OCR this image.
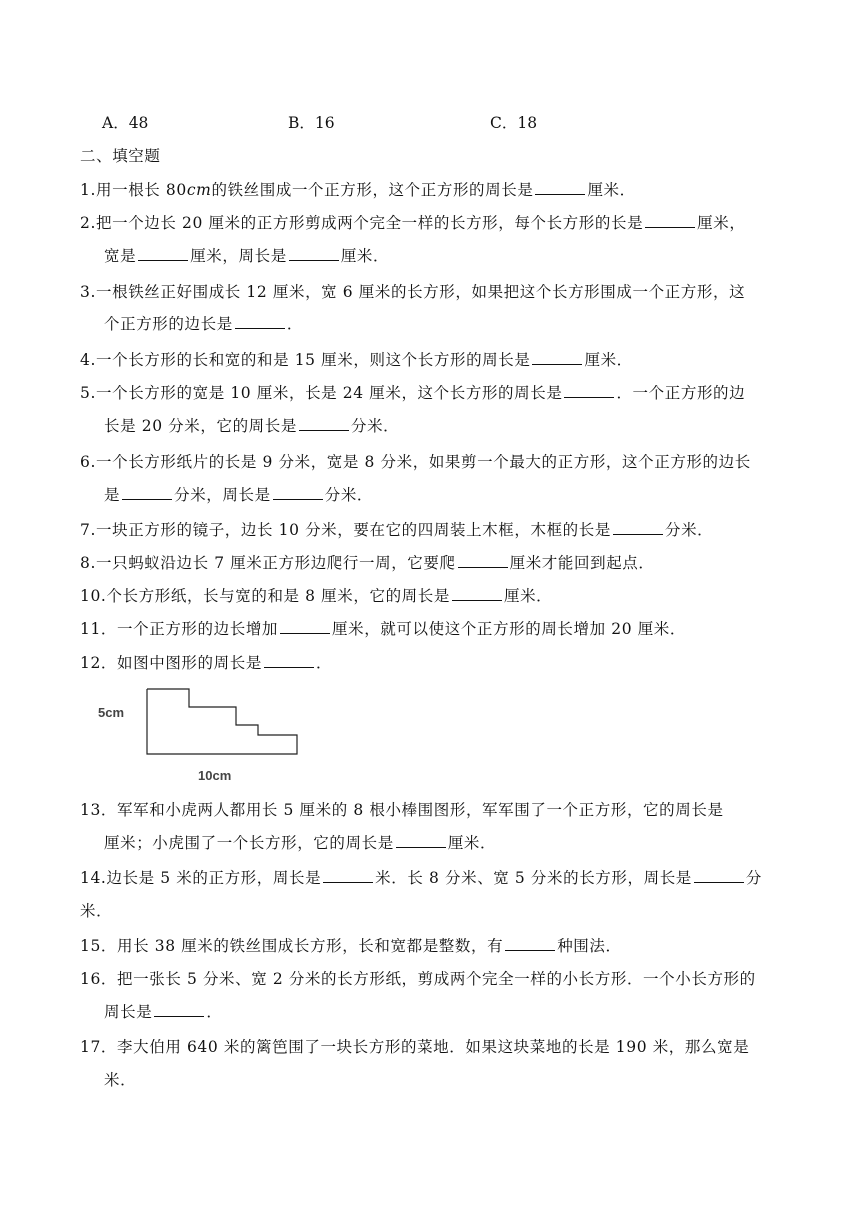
A．48	B．16	C．18
二、填空题
1.用一根长 80cm的铁丝围成一个正方形，这个正方形的周长是	厘米．
2.把一个边长 20 厘米的正方形剪成两个完全一样的长方形，每个长方形的长是	厘米，
宽是	厘米，周长是	厘米．
3.一根铁丝正好围成长 12 厘米，宽 6 厘米的长方形，如果把这个长方形围成一个正方形，这
个正方形的边长是	．
4.一个长方形的长和宽的和是 15 厘米，则这个长方形的周长是	厘米．
5.一个长方形的宽是 10 厘米，长是 24 厘米，这个长方形的周长是	．一个正方形的边
长是 20 分米，它的周长是	分米．
6.一个长方形纸片的长是 9 分米，宽是 8 分米，如果剪一个最大的正方形，这个正方形的边长
是	分米，周长是	分米．
7.一块正方形的镜子，边长 10 分米，要在它的四周装上木框，木框的长是	分米．
8.一只蚂蚁沿边长 7 厘米正方形边爬行一周，它要爬	厘米才能回到起点．
10.个长方形纸，长与宽的和是 8 厘米，它的周长是	厘米．
11．一个正方形的边长增加	厘米，就可以使这个正方形的周长增加 20 厘米．
12．如图中图形的周长是	．
5cm
10cm
13．军军和小虎两人都用长 5 厘米的 8 根小棒围图形，军军围了一个正方形，它的周长是
厘米；小虎围了一个长方形，它的周长是	厘米．
14.边长是 5 米的正方形，周长是	米．长 8 分米、宽 5 分米的长方形，周长是	分
米．
15．用长 38 厘米的铁丝围成长方形，长和宽都是整数，有	种围法．
16．把一张长 5 分米、宽 2 分米的长方形纸，剪成两个完全一样的小长方形．一个小长方形的
周长是	．
17．李大伯用 640 米的篱笆围了一块长方形的菜地．如果这块菜地的长是 190 米，那么宽是
米．
